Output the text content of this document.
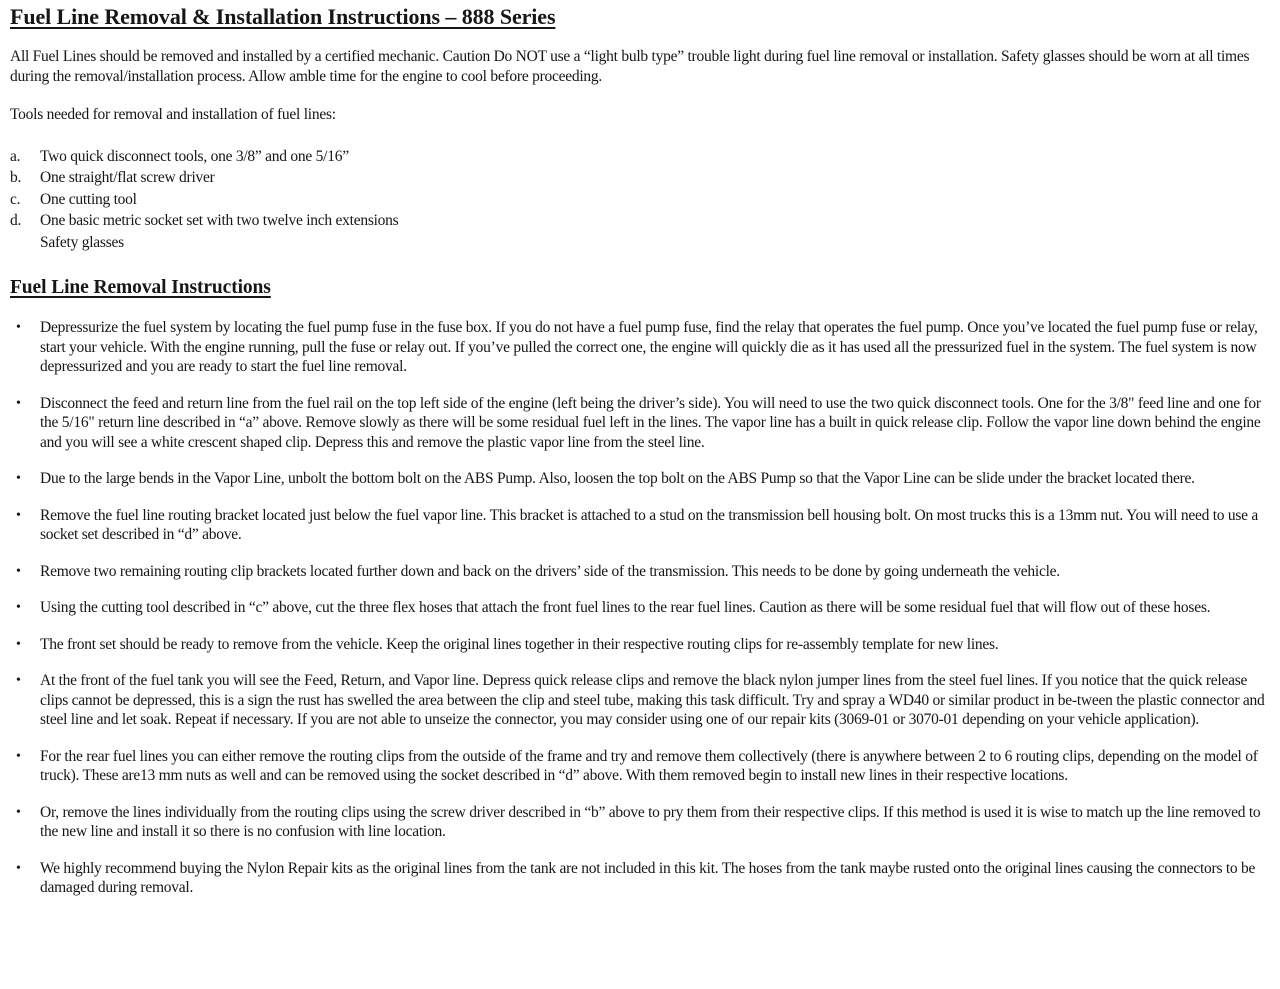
Fuel Line Removal & Installation Instructions – 888 Series

All Fuel Lines should be removed and installed by a certified mechanic. Caution Do NOT use a “light bulb type” trouble light during fuel line removal or installation. Safety glasses should be worn at all times during the removal/installation process. Allow amble time for the engine to cool before proceeding.

Tools needed for removal and installation of fuel lines:

a.	Two quick disconnect tools, one 3/8” and one 5/16”
b.	One straight/flat screw driver
c.	One cutting tool
d.	One basic metric socket set with two twelve inch extensions
Safety glasses
Fuel Line Removal Instructions
•	Depressurize the fuel system by locating the fuel pump fuse in the fuse box. If you do not have a fuel pump fuse, find the relay that operates the fuel pump. Once you’ve located the fuel pump fuse or relay, start your vehicle. With the engine running, pull the fuse or relay out. If you’ve pulled the correct one, the engine will quickly die as it has used all the pressurized fuel in the system. The fuel system is now depressurized and you are ready to start the fuel line removal.
•	Disconnect the feed and return line from the fuel rail on the top left side of the engine (left being the driver’s side). You will need to use the two quick disconnect tools. One for the 3/8" feed line and one for the 5/16" return line described in “a” above. Remove slowly as there will be some residual fuel left in the lines. The vapor line has a built in quick release clip. Follow the vapor line down behind the engine and you will see a white crescent shaped clip. Depress this and remove the plastic vapor line from the steel line.
•	Due to the large bends in the Vapor Line, unbolt the bottom bolt on the ABS Pump. Also, loosen the top bolt on the ABS Pump so that the Vapor Line can be slide under the bracket located there.
•	Remove the fuel line routing bracket located just below the fuel vapor line. This bracket is attached to a stud on the transmission bell housing bolt. On most trucks this is a 13mm nut. You will need to use a socket set described in “d” above.
•	Remove two remaining routing clip brackets located further down and back on the drivers’ side of the transmission. This needs to be done by going underneath the vehicle.
•	Using the cutting tool described in “c” above, cut the three flex hoses that attach the front fuel lines to the rear fuel lines. Caution as there will be some residual fuel that will flow out of these hoses.
•	The front set should be ready to remove from the vehicle. Keep the original lines together in their respective routing clips for re-assembly template for new lines.
•	At the front of the fuel tank you will see the Feed, Return, and Vapor line. Depress quick release clips and remove the black nylon jumper lines from the steel fuel lines. If you notice that the quick release clips cannot be depressed, this is a sign the rust has swelled the area between the clip and steel tube, making this task difficult. Try and spray a WD40 or similar product in be-tween the plastic connector and steel line and let soak. Repeat if necessary. If you are not able to unseize the connector, you may consider using one of our repair kits (3069-01 or 3070-01 depending on your vehicle application).
•	For the rear fuel lines you can either remove the routing clips from the outside of the frame and try and remove them collectively (there is anywhere between 2 to 6 routing clips, depending on the model of truck). These are13 mm nuts as well and can be removed using the socket described in “d” above. With them removed begin to install new lines in their respective locations.
•	Or, remove the lines individually from the routing clips using the screw driver described in “b” above to pry them from their respective clips. If this method is used it is wise to match up the line removed to the new line and install it so there is no confusion with line location.
•	We highly recommend buying the Nylon Repair kits as the original lines from the tank are not included in this kit. The hoses from the tank maybe rusted onto the original lines causing the connectors to be damaged during removal.
